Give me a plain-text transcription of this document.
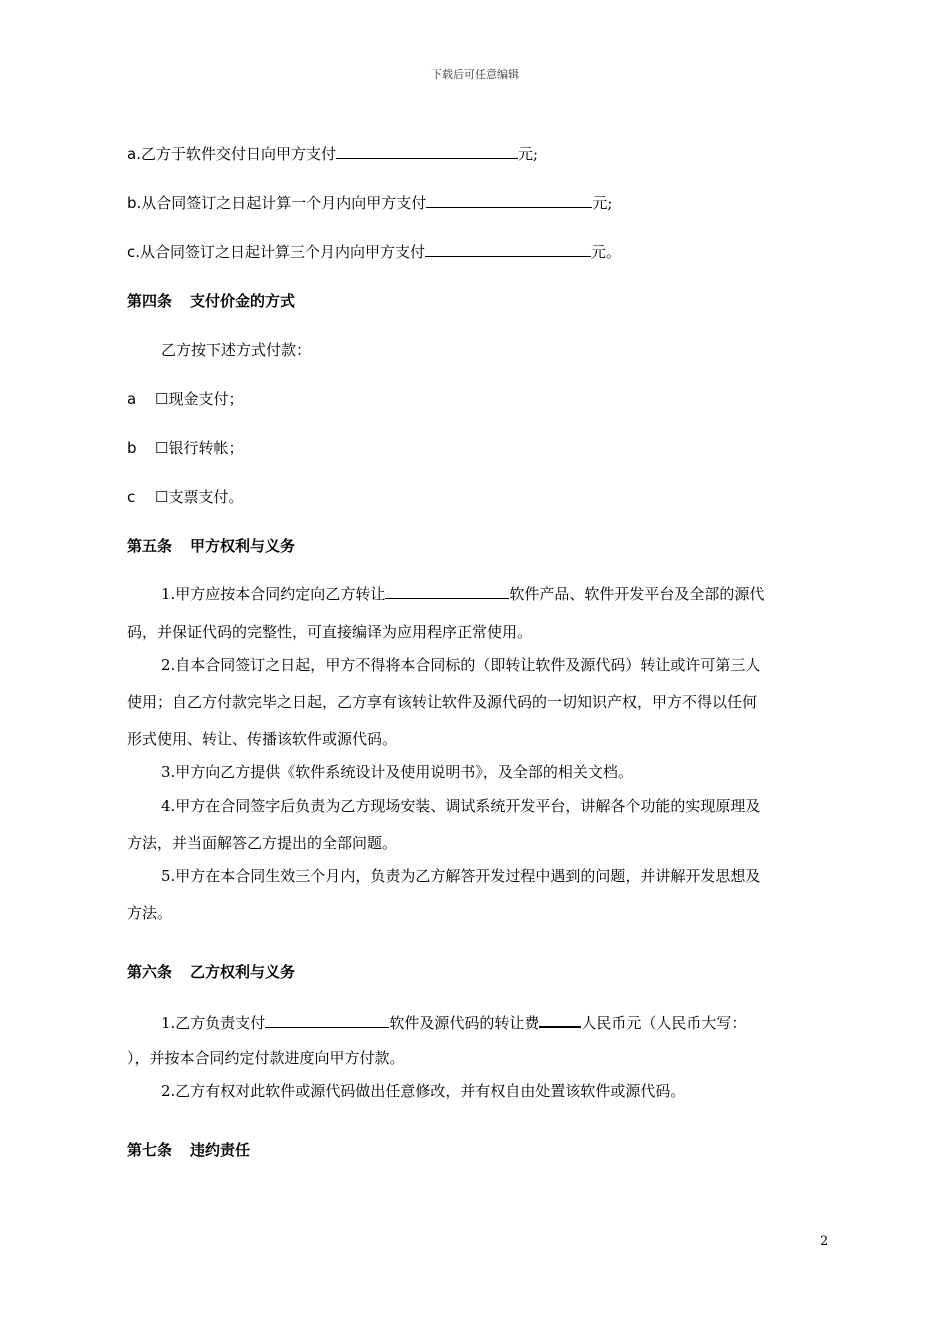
下载后可任意编辑
a.乙方于软件交付日向甲方支付	元;
b.从合同签订之日起计算一个月内向甲方支付	元;
c.从合同签订之日起计算三个月内向甲方支付	元。
第四条 支付价金的方式
乙方按下述方式付款：
a ☐现金支付；
b ☐银行转帐；
c ☐支票支付。
第五条 甲方权利与义务
1.甲方应按本合同约定向乙方转让	软件产品、软件开发平台及全部的源代
码，并保证代码的完整性，可直接编译为应用程序正常使用。
2.自本合同签订之日起，甲方不得将本合同标的（即转让软件及源代码）转让或许可第三人
使用；自乙方付款完毕之日起，乙方享有该转让软件及源代码的一切知识产权，甲方不得以任何
形式使用、转让、传播该软件或源代码。
3.甲方向乙方提供《软件系统设计及使用说明书》，及全部的相关文档。
4.甲方在合同签字后负责为乙方现场安装、调试系统开发平台，讲解各个功能的实现原理及
方法，并当面解答乙方提出的全部问题。
5.甲方在本合同生效三个月内，负责为乙方解答开发过程中遇到的问题，并讲解开发思想及
方法。
第六条 乙方权利与义务
1.乙方负责支付	软件及源代码的转让费	人民币元（人民币大写：
），并按本合同约定付款进度向甲方付款。
2.乙方有权对此软件或源代码做出任意修改，并有权自由处置该软件或源代码。
第七条 违约责任
2
